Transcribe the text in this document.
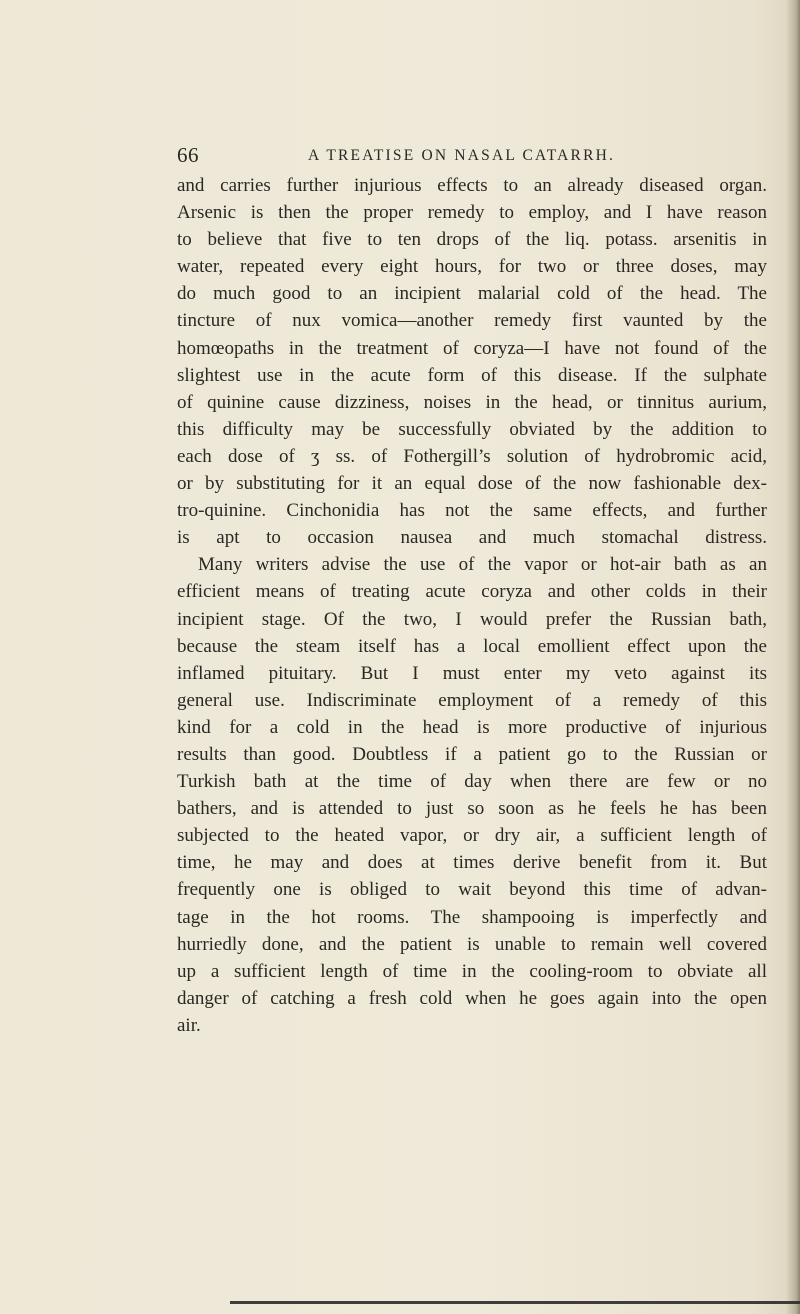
66	A TREATISE ON NASAL CATARRH.
and carries further injurious effects to an already diseased organ.
Arsenic is then the proper remedy to employ, and I have reason
to believe that five to ten drops of the liq. potass. arsenitis in
water, repeated every eight hours, for two or three doses, may
do much good to an incipient malarial cold of the head. The
tincture of nux vomica—another remedy first vaunted by the
homœopaths in the treatment of coryza—I have not found of the
slightest use in the acute form of this disease. If the sulphate
of quinine cause dizziness, noises in the head, or tinnitus aurium,
this difficulty may be successfully obviated by the addition to
each dose of ʒ ss. of Fothergill’s solution of hydrobromic acid,
or by substituting for it an equal dose of the now fashionable dex-
tro-quinine. Cinchonidia has not the same effects, and further
is apt to occasion nausea and much stomachal distress.
Many writers advise the use of the vapor or hot-air bath as an
efficient means of treating acute coryza and other colds in their
incipient stage. Of the two, I would prefer the Russian bath,
because the steam itself has a local emollient effect upon the
inflamed pituitary. But I must enter my veto against its
general use. Indiscriminate employment of a remedy of this
kind for a cold in the head is more productive of injurious
results than good. Doubtless if a patient go to the Russian or
Turkish bath at the time of day when there are few or no
bathers, and is attended to just so soon as he feels he has been
subjected to the heated vapor, or dry air, a sufficient length of
time, he may and does at times derive benefit from it. But
frequently one is obliged to wait beyond this time of advan-
tage in the hot rooms. The shampooing is imperfectly and
hurriedly done, and the patient is unable to remain well covered
up a sufficient length of time in the cooling-room to obviate all
danger of catching a fresh cold when he goes again into the open
air.
